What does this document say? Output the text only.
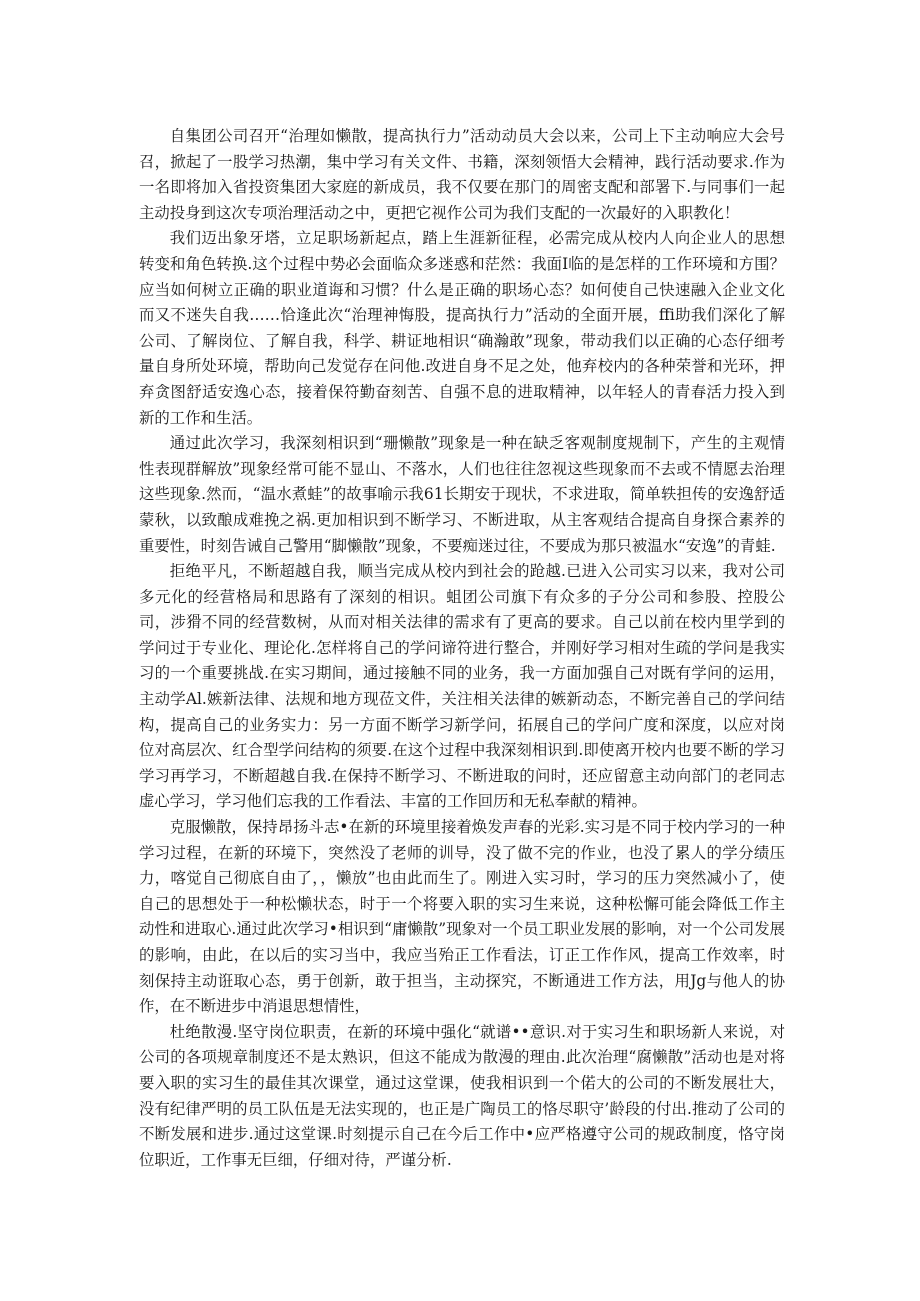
自集团公司召开“治理如懒散，提高执行力”活动动员大会以来，公司上下主动响应大会号召，掀起了一股学习热潮，集中学习有关文件、书籍，深刻领悟大会精神，践行活动要求.作为一名即将加入省投资集团大家庭的新成员，我不仅要在那门的周密支配和部署下.与同事们一起主动投身到这次专项治理活动之中，更把它视作公司为我们支配的一次最好的入职教化！

我们迈出象牙塔，立足职场新起点，踏上生涯新征程，必需完成从校内人向企业人的思想转变和角色转换.这个过程中势必会面临众多迷惑和茫然：我面I临的是怎样的工作环境和方围？应当如何树立正确的职业道诲和习惯？什么是正确的职场心态？如何使自己快速融入企业文化而又不迷失自我……恰逢此次“治理神悔股，提高执行力”活动的全面开展，ffi助我们深化了解公司、了解岗位、了解自我，科学、耕证地相识“确瀚敢”现象，带动我们以正确的心态仔细考量自身所处环境，帮助向己发觉存在问他.改进自身不足之处，他弃校内的各种荣誉和光环，押弃贪图舒适安逸心态，接着保符勤奋刻苦、自强不息的进取精神，以年轻人的青春活力投入到新的工作和生活。

通过此次学习，我深刻相识到“珊懒散”现象是一种在缺乏客观制度规制下，产生的主观情性表现群解放”现象经常可能不显山、不落水，人们也往往忽视这些现象而不去或不情愿去治理这些现象.然而，“温水煮蛙”的故事喻示我61长期安于现状，不求进取，简单轶担传的安逸舒适蒙秋，以致酿成难挽之祸.更加相识到不断学习、不断进取，从主客观结合提高自身探合素养的重要性，时刻告诫自己警用“脚懒散”现象，不要痴迷过往，不要成为那只被温水“安逸”的青蛙.

拒绝平凡，不断超越自我，顺当完成从校内到社会的跄越.已进入公司实习以来，我对公司多元化的经营格局和思路有了深刻的相识。蛆团公司旗下有众多的子分公司和参股、控股公司，涉猾不同的经营数树，从而对相关法律的需求有了更高的要求。自己以前在校内里学到的学问过于专业化、理论化.怎样将自己的学问谛符进行整合，并刚好学习相对生疏的学问是我实习的一个重要挑战.在实习期间，通过接触不同的业务，我一方面加强自己对既有学问的运用，主动学Al.嫉新法律、法规和地方现莅文件，关注相关法律的嫉新动态，不断完善自己的学问结构，提高自己的业务实力：另一方面不断学习新学问，拓展自己的学问广度和深度，以应对岗位对高层次、红合型学问结构的须要.在这个过程中我深刻相识到.即使离开校内也要不断的学习学习再学习，不断超越自我.在保持不断学习、不断进取的问时，还应留意主动向部门的老同志虚心学习，学习他们忘我的工作看法、丰富的工作回历和无私奉献的精神。

克服懒散，保持昂扬斗志•在新的环境里接着焕发声春的光彩.实习是不同于校内学习的一种学习过程，在新的环境下，突然没了老师的训导，没了做不完的作业，也没了累人的学分绩压力，喀觉自己彻底自由了，，懒放”也由此而生了。刚进入实习时，学习的压力突然减小了，使自己的思想处于一种松懒状态，时于一个将要入职的实习生来说，这种松懈可能会降低工作主动性和进取心.通过此次学习•相识到“庸懒散”现象对一个员工职业发展的影响，对一个公司发展的影响，由此，在以后的实习当中，我应当殆正工作看法，订正工作作风，提高工作效率，时刻保持主动诳取心态，勇于创新，敢于担当，主动探究，不断通进工作方法，用Jg与他人的协作，在不断进步中消退思想情性，

杜绝散漫.坚守岗位职责，在新的环境中强化“就谱••意识.对于实习生和职场新人来说，对公司的各项规章制度还不是太熟识，但这不能成为散漫的理由.此次治理“腐懒散”活动也是对将要入职的实习生的最佳其次课堂，通过这堂课，使我相识到一个偌大的公司的不断发展壮大，没有纪律严明的员工队伍是无法实现的，也正是广陶员工的恪尽职守’龄段的付出.推动了公司的不断发展和进步.通过这堂课.时刻提示自己在今后工作中•应严格遵守公司的规政制度，恪守岗位职近，工作事无巨细，仔细对待，严谨分析.
